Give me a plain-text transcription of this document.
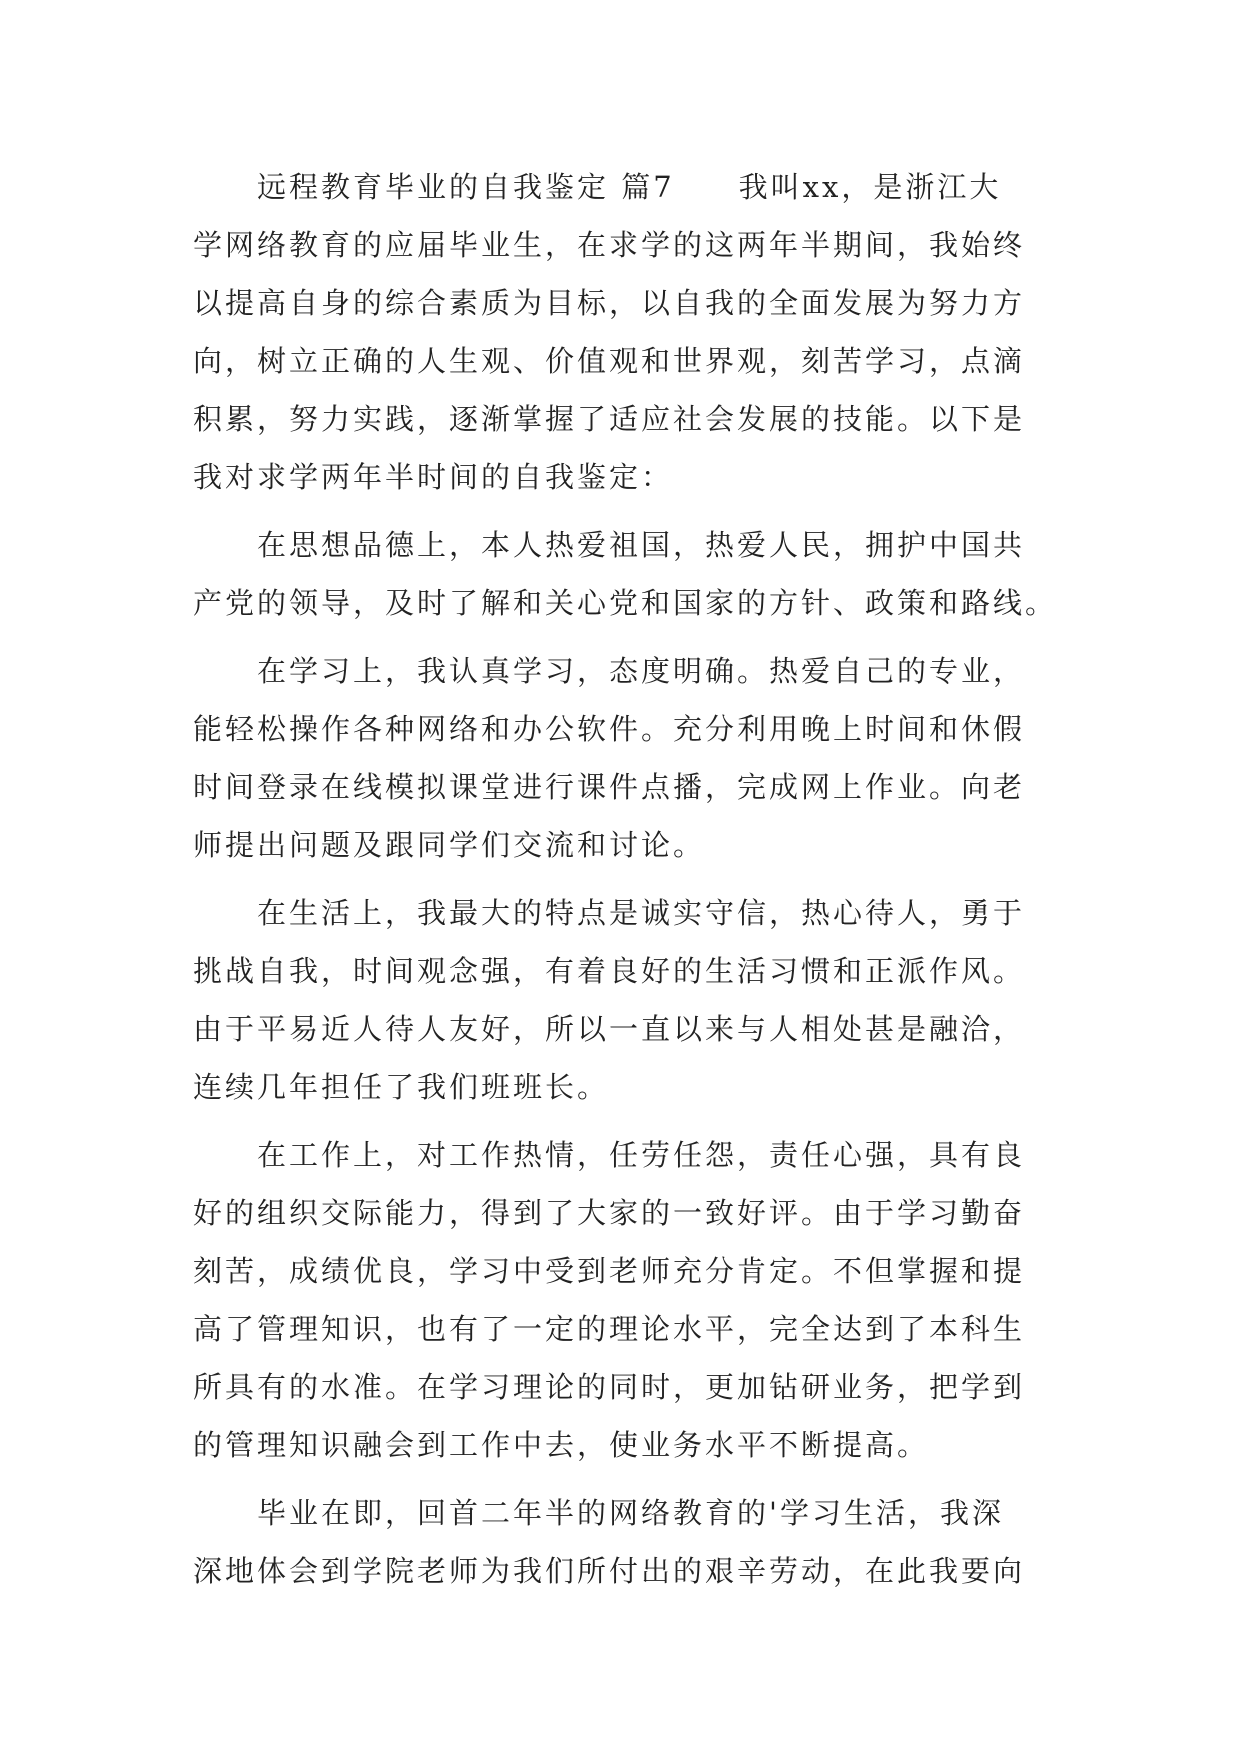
远程教育毕业的自我鉴定 篇7　　我叫xx，是浙江大
学网络教育的应届毕业生，在求学的这两年半期间，我始终
以提高自身的综合素质为目标，以自我的全面发展为努力方
向，树立正确的人生观、价值观和世界观，刻苦学习，点滴
积累，努力实践，逐渐掌握了适应社会发展的技能。以下是
我对求学两年半时间的自我鉴定：
在思想品德上，本人热爱祖国，热爱人民，拥护中国共
产党的领导，及时了解和关心党和国家的方针、政策和路线。
在学习上，我认真学习，态度明确。热爱自己的专业，
能轻松操作各种网络和办公软件。充分利用晚上时间和休假
时间登录在线模拟课堂进行课件点播，完成网上作业。向老
师提出问题及跟同学们交流和讨论。
在生活上，我最大的特点是诚实守信，热心待人，勇于
挑战自我，时间观念强，有着良好的生活习惯和正派作风。
由于平易近人待人友好，所以一直以来与人相处甚是融洽，
连续几年担任了我们班班长。
在工作上，对工作热情，任劳任怨，责任心强，具有良
好的组织交际能力，得到了大家的一致好评。由于学习勤奋
刻苦，成绩优良，学习中受到老师充分肯定。不但掌握和提
高了管理知识，也有了一定的理论水平，完全达到了本科生
所具有的水准。在学习理论的同时，更加钻研业务，把学到
的管理知识融会到工作中去，使业务水平不断提高。
毕业在即，回首二年半的网络教育的'学习生活，我深
深地体会到学院老师为我们所付出的艰辛劳动，在此我要向
